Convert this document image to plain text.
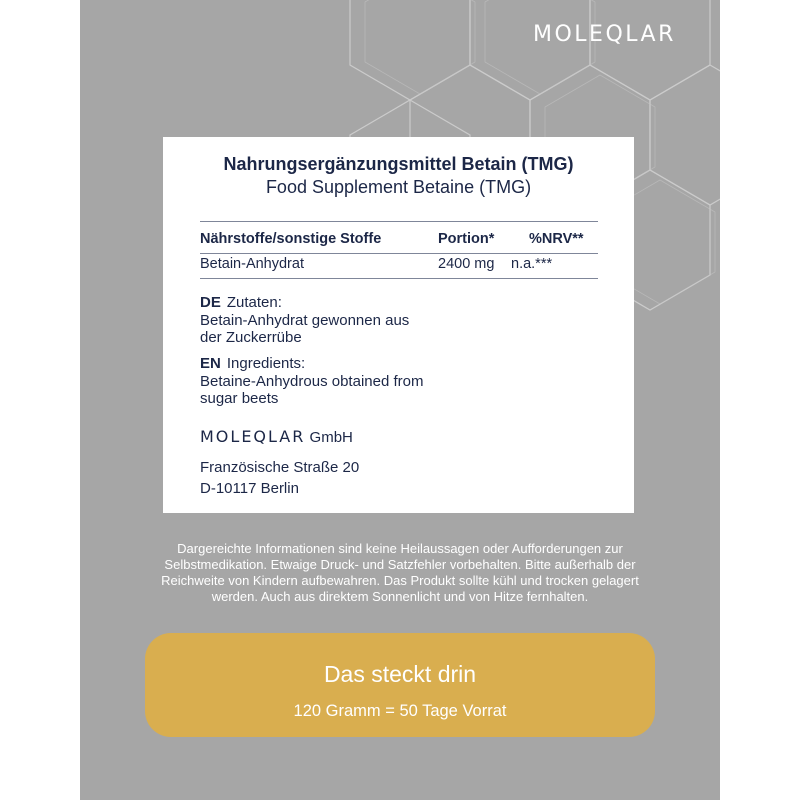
MOLEQLAR
Nahrungsergänzungsmittel Betain (TMG)
Food Supplement Betaine (TMG)
Nährstoffe/sonstige Stoffe	Portion* %NRV**
Betain-Anhydrat	2400 mg n.a.***
DE Zutaten:
Betain-Anhydrat gewonnen aus
der Zuckerrübe
EN Ingredients:
Betaine-Anhydrous obtained from
sugar beets
MOLEQLAR GmbH
Französische Straße 20
D-10117 Berlin
Dargereichte Informationen sind keine Heilaussagen oder Aufforderungen zur
Selbstmedikation. Etwaige Druck- und Satzfehler vorbehalten. Bitte außerhalb der
Reichweite von Kindern aufbewahren. Das Produkt sollte kühl und trocken gelagert
werden. Auch aus direktem Sonnenlicht und von Hitze fernhalten.
Das steckt drin
120 Gramm = 50 Tage Vorrat
